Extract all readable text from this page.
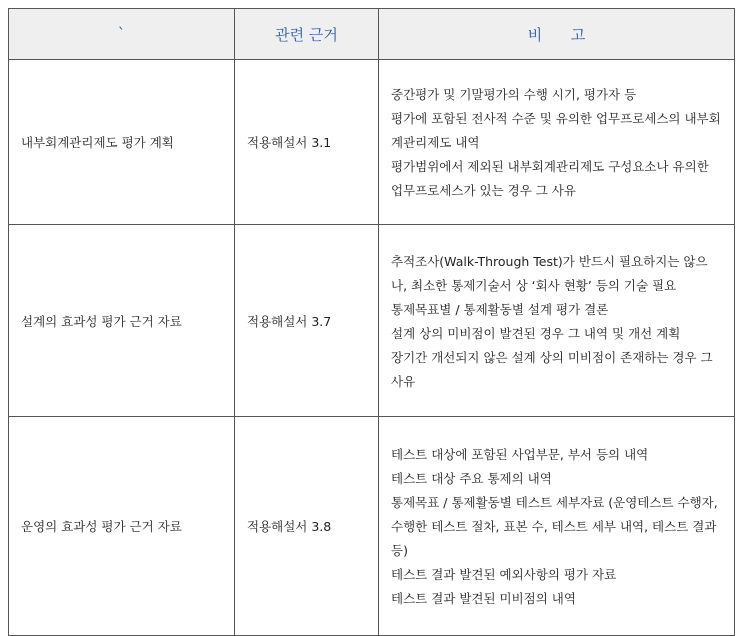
`	관련 근거	비      고
내부회계관리제도 평가 계획	적용해설서 3.1	중간평가 및 기말평가의 수행 시기, 평가자 등
평가에 포함된 전사적 수준 및 유의한 업무프로세스의 내부회계관리제도 내역
평가범위에서 제외된 내부회계관리제도 구성요소나 유의한 업무프로세스가 있는 경우 그 사유

설계의 효과성 평가 근거 자료	적용해설서 3.7	추적조사(Walk-Through Test)가 반드시 필요하지는 않으나, 최소한 통제기술서 상 ‘회사 현황’ 등의 기술 필요
통제목표별 / 통제활동별 설계 평가 결론
설계 상의 미비점이 발견된 경우 그 내역 및 개선 계획
장기간 개선되지 않은 설계 상의 미비점이 존재하는 경우 그 사유

운영의 효과성 평가 근거 자료	적용해설서 3.8	테스트 대상에 포함된 사업부문, 부서 등의 내역
테스트 대상 주요 통제의 내역
통제목표 / 통제활동별 테스트 세부자료 (운영테스트 수행자, 수행한 테스트 절차, 표본 수, 테스트 세부 내역, 테스트 결과 등)
테스트 결과 발견된 예외사항의 평가 자료
테스트 결과 발견된 미비점의 내역
